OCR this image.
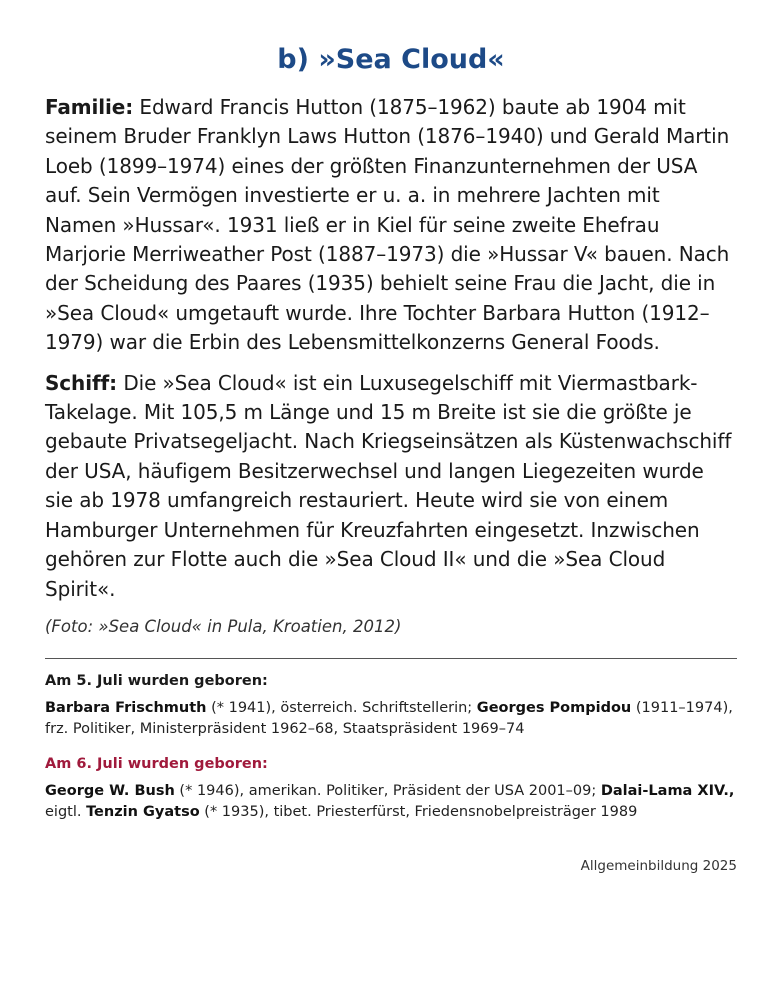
b) »Sea Cloud«

Familie: Edward Francis Hutton (1875–1962) baute ab 1904 mit seinem Bruder Franklyn Laws Hutton (1876–1940) und Gerald Martin Loeb (1899–1974) eines der größten Finanzunternehmen der USA auf. Sein Vermögen investierte er u. a. in mehrere Jachten mit Namen »Hussar«. 1931 ließ er in Kiel für seine zweite Ehefrau Marjorie Merriweather Post (1887–1973) die »Hussar V« bauen. Nach der Scheidung des Paares (1935) behielt seine Frau die Jacht, die in »Sea Cloud« umgetauft wurde. Ihre Tochter Barbara Hutton (1912–1979) war die Erbin des Lebensmittelkonzerns General Foods.

Schiff: Die »Sea Cloud« ist ein Luxusegelschiff mit Viermastbark-Takelage. Mit 105,5 m Länge und 15 m Breite ist sie die größte je gebaute Privatsegeljacht. Nach Kriegseinsätzen als Küstenwachschiff der USA, häufigem Besitzerwechsel und langen Liegezeiten wurde sie ab 1978 umfangreich restauriert. Heute wird sie von einem Hamburger Unternehmen für Kreuzfahrten eingesetzt. Inzwischen gehören zur Flotte auch die »Sea Cloud II« und die »Sea Cloud Spirit«.

(Foto: »Sea Cloud« in Pula, Kroatien, 2012)

Am 5. Juli wurden geboren:

Barbara Frischmuth (* 1941), österreich. Schriftstellerin; Georges Pompidou (1911–1974), frz. Politiker, Ministerpräsident 1962–68, Staatspräsident 1969–74

Am 6. Juli wurden geboren:

George W. Bush (* 1946), amerikan. Politiker, Präsident der USA 2001–09; Dalai-Lama XIV., eigtl. Tenzin Gyatso (* 1935), tibet. Priesterfürst, Friedensnobelpreisträger 1989

Allgemeinbildung 2025
